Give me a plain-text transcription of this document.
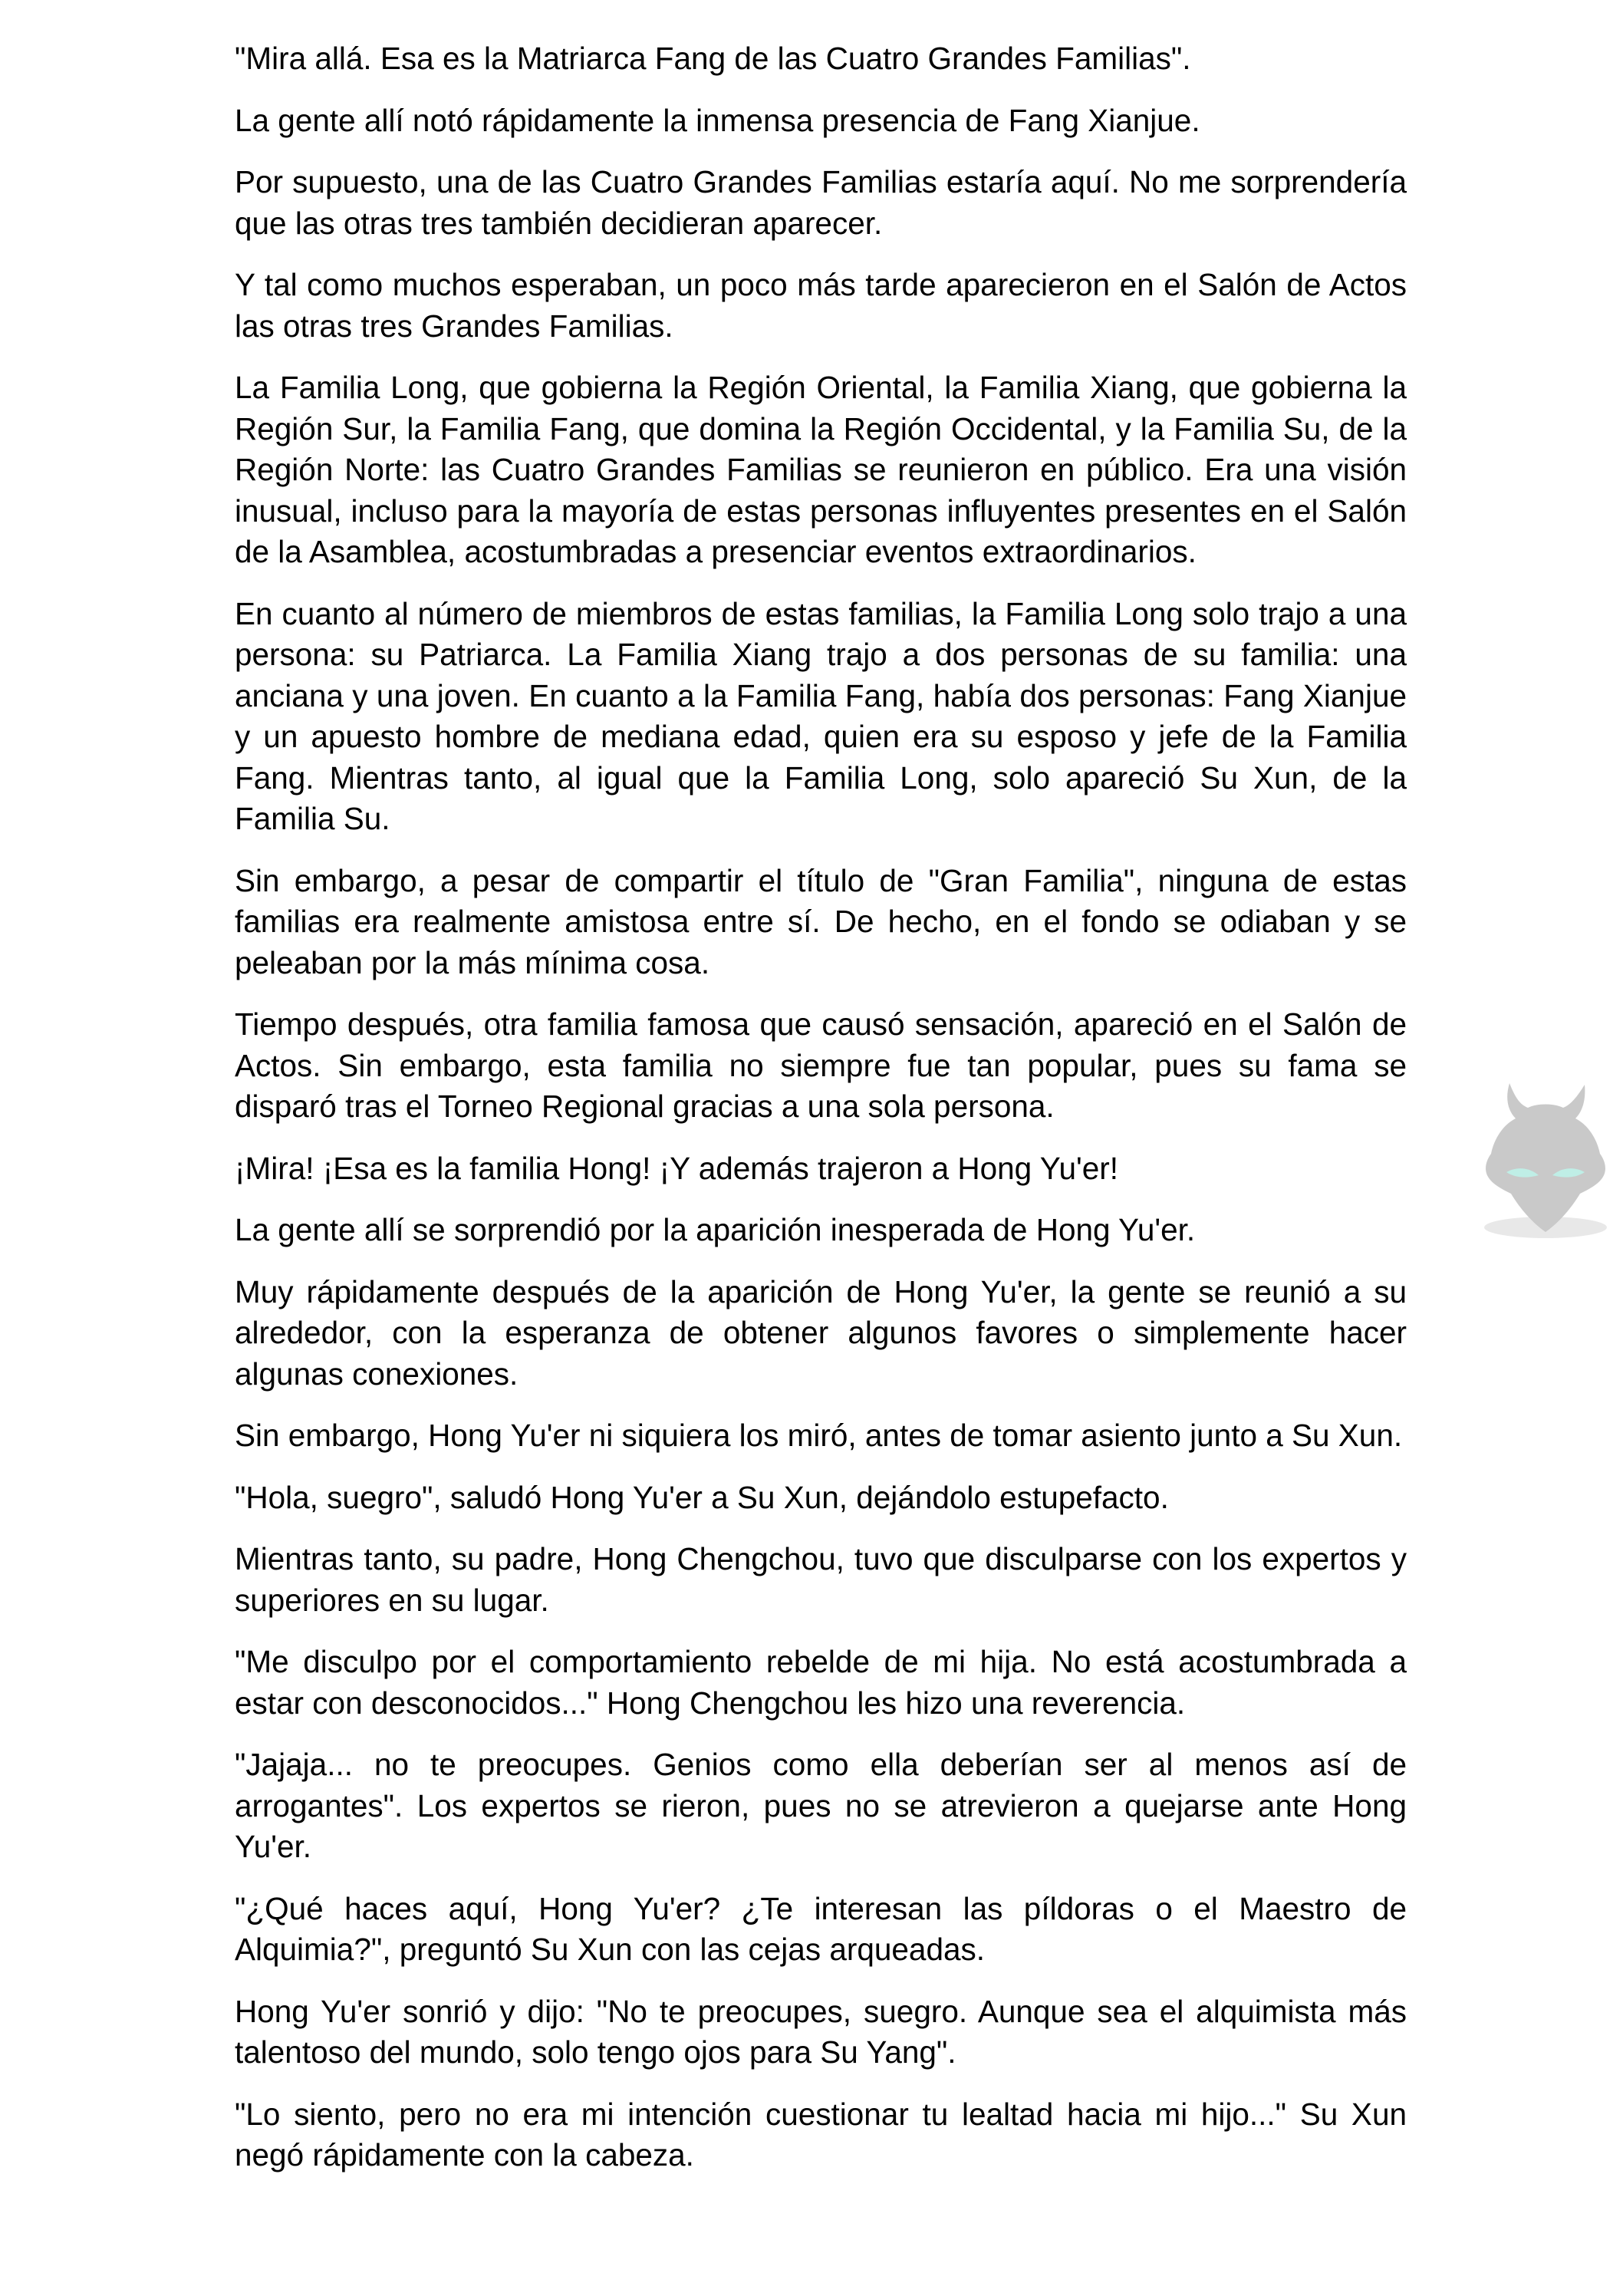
"Mira allá. Esa es la Matriarca Fang de las Cuatro Grandes Familias".

La gente allí notó rápidamente la inmensa presencia de Fang Xianjue.

Por supuesto, una de las Cuatro Grandes Familias estaría aquí. No me sorprendería que las otras tres también decidieran aparecer.

Y tal como muchos esperaban, un poco más tarde aparecieron en el Salón de Actos las otras tres Grandes Familias.

La Familia Long, que gobierna la Región Oriental, la Familia Xiang, que gobierna la Región Sur, la Familia Fang, que domina la Región Occidental, y la Familia Su, de la Región Norte: las Cuatro Grandes Familias se reunieron en público. Era una visión inusual, incluso para la mayoría de estas personas influyentes presentes en el Salón de la Asamblea, acostumbradas a presenciar eventos extraordinarios.

En cuanto al número de miembros de estas familias, la Familia Long solo trajo a una persona: su Patriarca. La Familia Xiang trajo a dos personas de su familia: una anciana y una joven. En cuanto a la Familia Fang, había dos personas: Fang Xianjue y un apuesto hombre de mediana edad, quien era su esposo y jefe de la Familia Fang. Mientras tanto, al igual que la Familia Long, solo apareció Su Xun, de la Familia Su.

Sin embargo, a pesar de compartir el título de "Gran Familia", ninguna de estas familias era realmente amistosa entre sí. De hecho, en el fondo se odiaban y se peleaban por la más mínima cosa.

Tiempo después, otra familia famosa que causó sensación, apareció en el Salón de Actos. Sin embargo, esta familia no siempre fue tan popular, pues su fama se disparó tras el Torneo Regional gracias a una sola persona.

¡Mira! ¡Esa es la familia Hong! ¡Y además trajeron a Hong Yu'er!

La gente allí se sorprendió por la aparición inesperada de Hong Yu'er.

Muy rápidamente después de la aparición de Hong Yu'er, la gente se reunió a su alrededor, con la esperanza de obtener algunos favores o simplemente hacer algunas conexiones.

Sin embargo, Hong Yu'er ni siquiera los miró, antes de tomar asiento junto a Su Xun.

"Hola, suegro", saludó Hong Yu'er a Su Xun, dejándolo estupefacto.

Mientras tanto, su padre, Hong Chengchou, tuvo que disculparse con los expertos y superiores en su lugar.

"Me disculpo por el comportamiento rebelde de mi hija. No está acostumbrada a estar con desconocidos..." Hong Chengchou les hizo una reverencia.

"Jajaja... no te preocupes. Genios como ella deberían ser al menos así de arrogantes". Los expertos se rieron, pues no se atrevieron a quejarse ante Hong Yu'er.

"¿Qué haces aquí, Hong Yu'er? ¿Te interesan las píldoras o el Maestro de Alquimia?", preguntó Su Xun con las cejas arqueadas.

Hong Yu'er sonrió y dijo: "No te preocupes, suegro. Aunque sea el alquimista más talentoso del mundo, solo tengo ojos para Su Yang".

"Lo siento, pero no era mi intención cuestionar tu lealtad hacia mi hijo..." Su Xun negó rápidamente con la cabeza.
